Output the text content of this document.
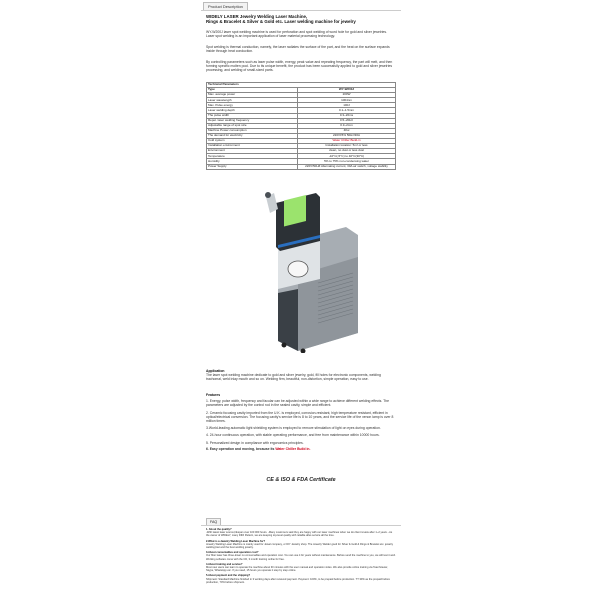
Product Description
WIDELY LASER Jewelry Welding Laser Machine,
Rings & Bracelet & Silver & Gold etc. Laser welding machine for jewelry
WY-W200J laser spot welding machine is used for perforation and spot welding of word hole for gold and silver jewelries. Laser spot welding is an important application of laser material processing technology.
Spot welding is thermal conduction, namely, the laser radiates the surface of the part, and the heat on the surface expands inside through heat conduction.
By controlling parameters such as laser pulse width, energy, peak value and repeating frequency, the part will melt, and then forming specific molten pool. Due to its unique benefit, the product has been successfully applied to gold and silver jewelries processing, and welding of small-sized parts.
Technical Parameters	
Type	WY-W200J
Max. average power	200W
Laser wavelength	1064nm
Max. Pulse energy	100J
Laser welding depth	0.1~1.5mm
The pulse width	0.3~20ms
Repet. laser welding frequency	0.5~20Hz
Adjustable range of spot size	0.3~2mm
Machine Power consumption	4Kw
The demand for electricity	220V±5% 50Hz/30A
Cold system	Water Chiller Build-in
Installation environment	Installation location: 5m² or less
Environment	clean, no dust or less dust
Temperature	-10°C(-5°C) to 40°C(30°C)
Humidity	5% to 75% non-condensing water
Power Supply	220V/50HZ Alternating current, 30A air switch, voltage stability
Application
The laser spot welding machine dedicate to gold and silver jewelry, gold, fill holes for electronic components, welding trachomal, weld inlay mouth and so on. Welding firm, beautiful, non-distortion, simple operation, easy to use.
Features
1. Energy, pulse width, frequency and facular can be adjusted within a wide range to achieve different welding effects. The parameters are adjusted by the control rod in the sealed cavity, simple and efficient.
2. Ceramic focusing cavity imported from the U.K. is employed, corrosion-resistant, high temperature resistant, efficient in optical/electrical conversion. The focusing cavity's service life is 8 to 10 years, and the service life of the xenon lamp is over 8 million times.
3.World-leading automatic light shielding system is employed to remove stimulation of light on eyes during operation.
4. 24-hour continuous operation, with stable operating performance, and free from maintenance within 10000 hours.
5. Personalized design in compliance with ergonomics principles.
6. Easy operation and moving, because its Water Chiller Build in.
CE & ISO & FDA Certificate
FAQ
1. About the quality?
-With latest laser source,lifespan over 100 000 hours. -Many customers said they are happy with our laser machines when we do client review after 1~2 years. -As the owner of WIDELY, many DIDI Pattern, we are keeping top-level quality with reliable after-service all the time.
2.What is a Jewelry Welding Laser Machine for?
Jewelry Welding Laser Machine is mainly used for Jewel company, or DIY Jewelry shop. The Jewelry Welder good for Silver & Gold & Rings & Bracelet etc. jewelry welding,fast and the best welding jewelry.
3.About consumables and operation cost?
Our fiber laser has three-lower no consumables and operation cost. You can use it for years without maintenance. Before send the machine to you, we will test it well. Working software come with the CD, 3 month training online for free.
4.About training and service?
Most new users can learn to operate the machine about 30 minutes with the user manual and operation video. We also provide online training via TeamViewer, Skype, WhatsApp etc. If you need, 15 hours you operate it step by step online.
5.About payment and the shipping?
Shipment: Standard Machine finished in 3 working days after received payment. Payment: 100%, to be prepaid before production. TT 30% as the prepaid before production, 70% before shipment.
